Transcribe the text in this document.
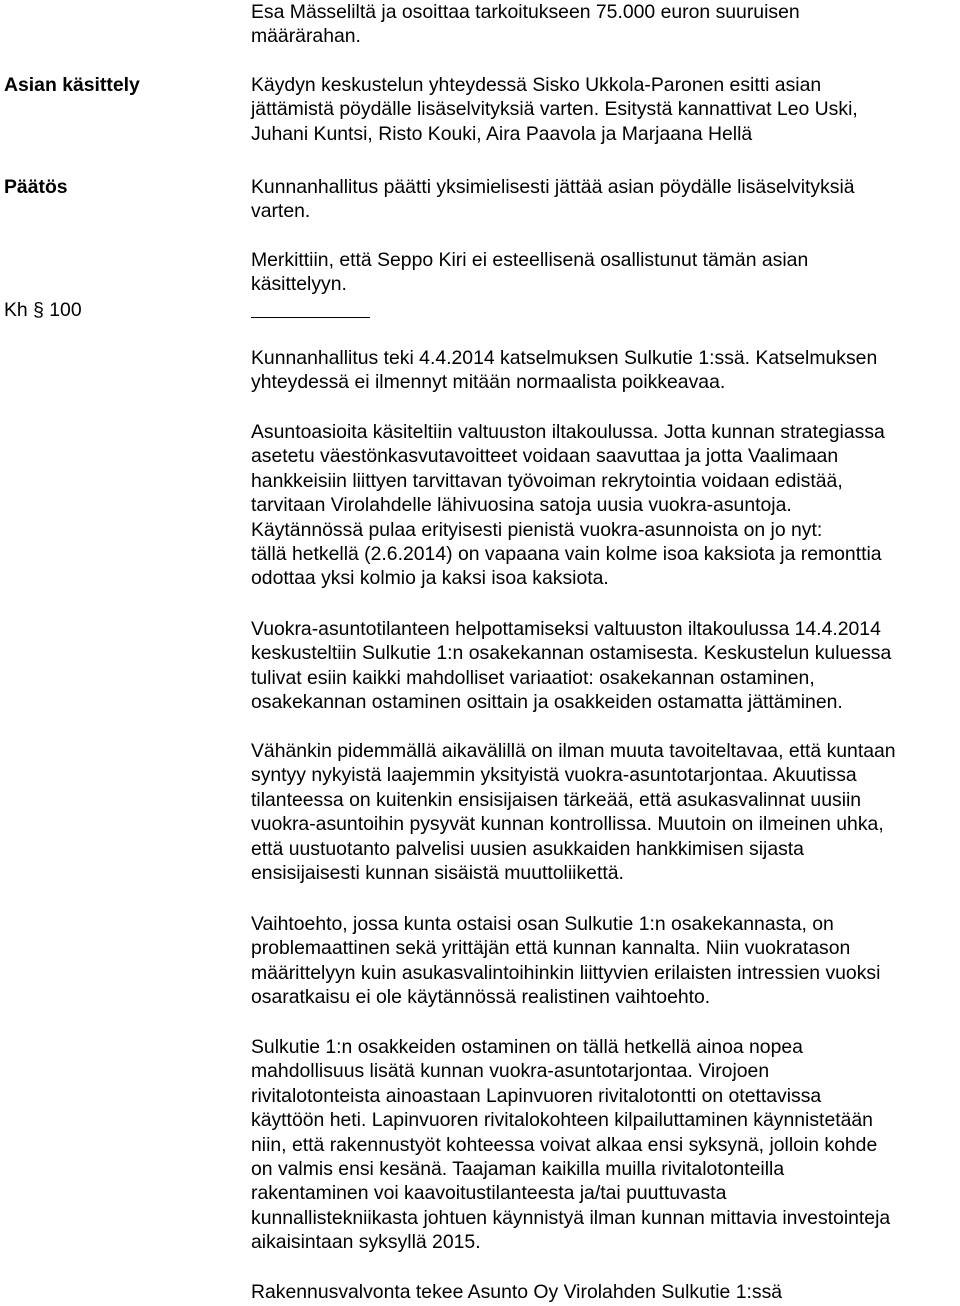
Asian käsittely
Päätös
Kh § 100
Esa Mässeliltä ja osoittaa tarkoitukseen 75.000 euron suuruisen
määrärahan.
Käydyn keskustelun yhteydessä Sisko Ukkola-Paronen esitti asian
jättämistä pöydälle lisäselvityksiä varten. Esitystä kannattivat Leo Uski,
Juhani Kuntsi, Risto Kouki, Aira Paavola ja Marjaana Hellä
Kunnanhallitus päätti yksimielisesti jättää asian pöydälle lisäselvityksiä
varten.
Merkittiin, että Seppo Kiri ei esteellisenä osallistunut tämän asian
käsittelyyn.
Kunnanhallitus teki 4.4.2014 katselmuksen Sulkutie 1:ssä. Katselmuksen
yhteydessä ei ilmennyt mitään normaalista poikkeavaa.
Asuntoasioita käsiteltiin valtuuston iltakoulussa. Jotta kunnan strategiassa
asetetu väestönkasvutavoitteet voidaan saavuttaa ja jotta Vaalimaan
hankkeisiin liittyen tarvittavan työvoiman rekrytointia voidaan edistää,
tarvitaan Virolahdelle lähivuosina satoja uusia vuokra-asuntoja.
Käytännössä pulaa erityisesti pienistä vuokra-asunnoista on jo nyt:
tällä hetkellä (2.6.2014) on vapaana vain kolme isoa kaksiota ja remonttia
odottaa yksi kolmio ja kaksi isoa kaksiota.
Vuokra-asuntotilanteen helpottamiseksi valtuuston iltakoulussa 14.4.2014
keskusteltiin Sulkutie 1:n osakekannan ostamisesta. Keskustelun kuluessa
tulivat esiin kaikki mahdolliset variaatiot: osakekannan ostaminen,
osakekannan ostaminen osittain ja osakkeiden ostamatta jättäminen.
Vähänkin pidemmällä aikavälillä on ilman muuta tavoiteltavaa, että kuntaan
syntyy nykyistä laajemmin yksityistä vuokra-asuntotarjontaa. Akuutissa
tilanteessa on kuitenkin ensisijaisen tärkeää, että asukasvalinnat uusiin
vuokra-asuntoihin pysyvät kunnan kontrollissa. Muutoin on ilmeinen uhka,
että uustuotanto palvelisi uusien asukkaiden hankkimisen sijasta
ensisijaisesti kunnan sisäistä muuttoliikettä.
Vaihtoehto, jossa kunta ostaisi osan Sulkutie 1:n osakekannasta, on
problemaattinen sekä yrittäjän että kunnan kannalta. Niin vuokratason
määrittelyyn kuin asukasvalintoihinkin liittyvien erilaisten intressien vuoksi
osaratkaisu ei ole käytännössä realistinen vaihtoehto.
Sulkutie 1:n osakkeiden ostaminen on tällä hetkellä ainoa nopea
mahdollisuus lisätä kunnan vuokra-asuntotarjontaa. Virojoen
rivitalotonteista ainoastaan Lapinvuoren rivitalotontti on otettavissa
käyttöön heti. Lapinvuoren rivitalokohteen kilpailuttaminen käynnistetään
niin, että rakennustyöt kohteessa voivat alkaa ensi syksynä, jolloin kohde
on valmis ensi kesänä. Taajaman kaikilla muilla rivitalotonteilla
rakentaminen voi kaavoitustilanteesta ja/tai puuttuvasta
kunnallistekniikasta johtuen käynnistyä ilman kunnan mittavia investointeja
aikaisintaan syksyllä 2015.
Rakennusvalvonta tekee Asunto Oy Virolahden Sulkutie 1:ssä
